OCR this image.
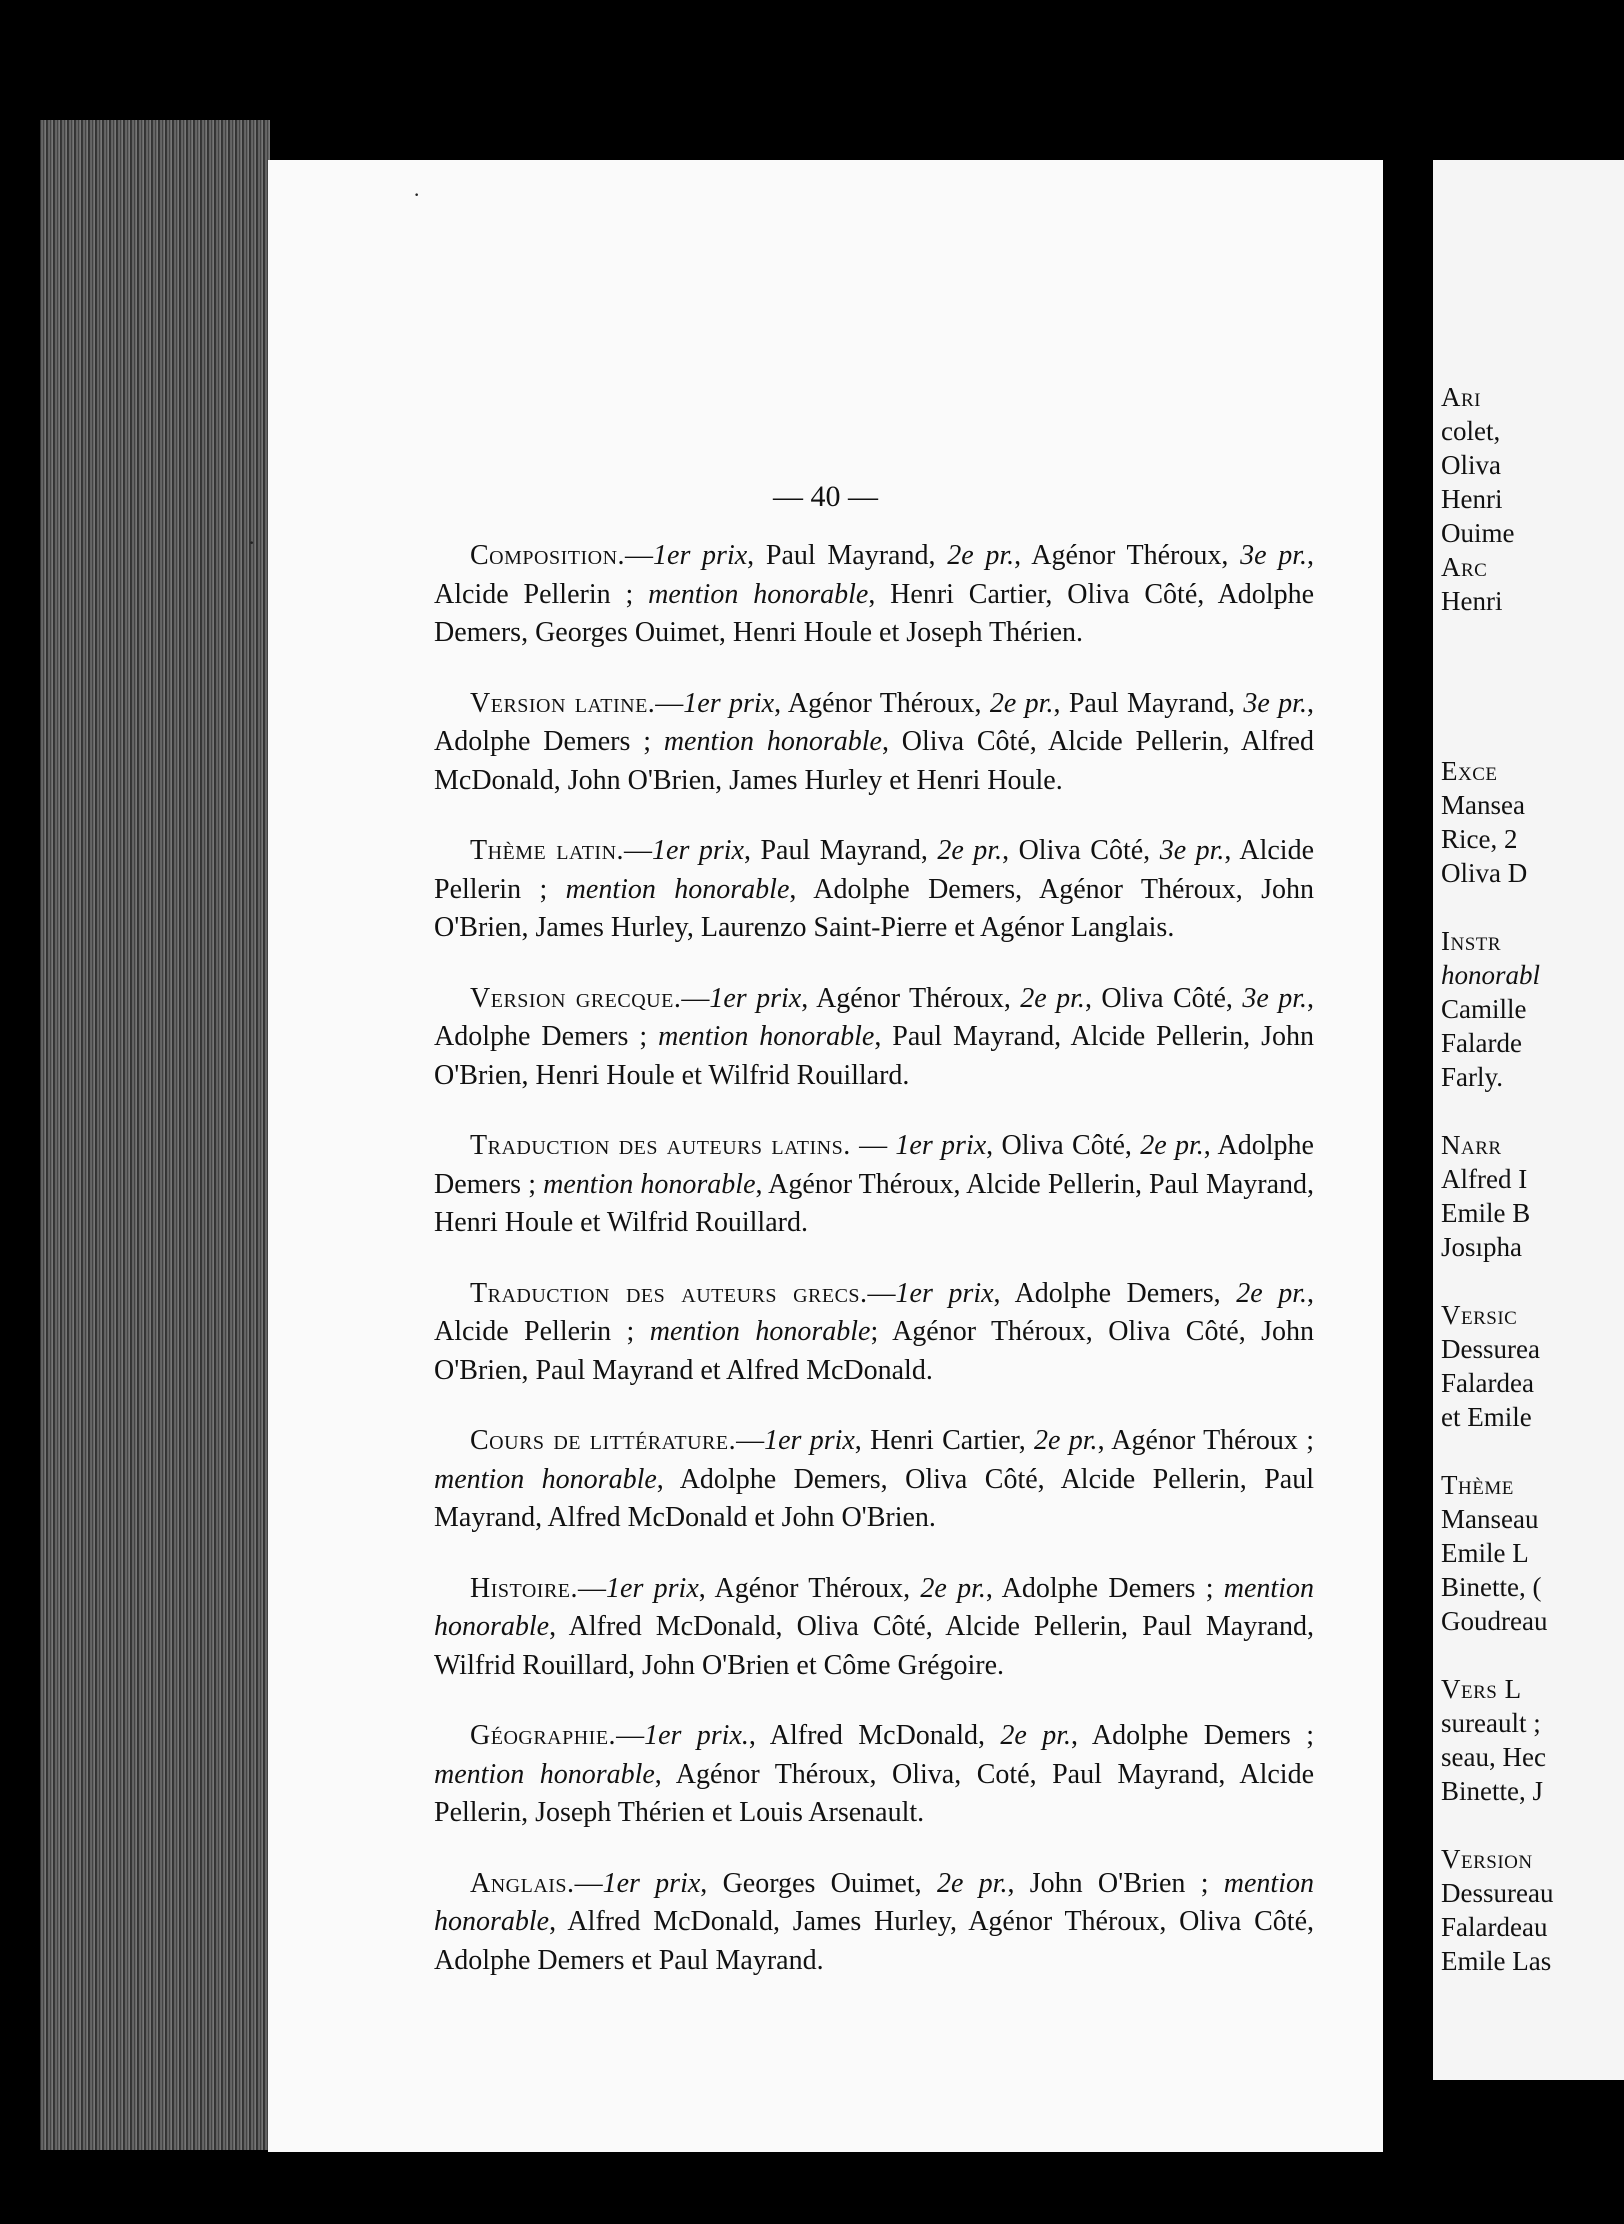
— 40 —

Composition.—1er prix, Paul Mayrand, 2e pr., Agénor Théroux, 3e pr., Alcide Pellerin ; mention honorable, Henri Cartier, Oliva Côté, Adolphe Demers, Georges Ouimet, Henri Houle et Joseph Thérien.

Version latine.—1er prix, Agénor Théroux, 2e pr., Paul Mayrand, 3e pr., Adolphe Demers ; mention honorable, Oliva Côté, Alcide Pellerin, Alfred McDonald, John O'Brien, James Hurley et Henri Houle.

Thème latin.—1er prix, Paul Mayrand, 2e pr., Oliva Côté, 3e pr., Alcide Pellerin ; mention honorable, Adolphe Demers, Agénor Théroux, John O'Brien, James Hurley, Laurenzo Saint-Pierre et Agénor Langlais.

Version grecque.—1er prix, Agénor Théroux, 2e pr., Oliva Côté, 3e pr., Adolphe Demers ; mention honorable, Paul Mayrand, Alcide Pellerin, John O'Brien, Henri Houle et Wilfrid Rouillard.

Traduction des auteurs latins. — 1er prix, Oliva Côté, 2e pr., Adolphe Demers ; mention honorable, Agénor Théroux, Alcide Pellerin, Paul Mayrand, Henri Houle et Wilfrid Rouillard.

Traduction des auteurs grecs.—1er prix, Adolphe Demers, 2e pr., Alcide Pellerin ; mention honorable; Agénor Théroux, Oliva Côté, John O'Brien, Paul Mayrand et Alfred McDonald.

Cours de littérature.—1er prix, Henri Cartier, 2e pr., Agénor Théroux ; mention honorable, Adolphe Demers, Oliva Côté, Alcide Pellerin, Paul Mayrand, Alfred McDonald et John O'Brien.

Histoire.—1er prix, Agénor Théroux, 2e pr., Adolphe Demers ; mention honorable, Alfred McDonald, Oliva Côté, Alcide Pellerin, Paul Mayrand, Wilfrid Rouillard, John O'Brien et Côme Grégoire.

Géographie.—1er prix., Alfred McDonald, 2e pr., Adolphe Demers ; mention honorable, Agénor Théroux, Oliva, Coté, Paul Mayrand, Alcide Pellerin, Joseph Thérien et Louis Arsenault.

Anglais.—1er prix, Georges Ouimet, 2e pr., John O'Brien ; mention honorable, Alfred McDonald, James Hurley, Agénor Théroux, Oliva Côté, Adolphe Demers et Paul Mayrand.

·
·
Ari
colet,
Oliva
Henri
Ouime
Arc
Henri

Exce
Mansea
Rice, 2
Oliva D

Instr
honorabl
Camille
Falarde
Farly.

Narr
Alfred I
Emile B
Josıpha

Versic
Dessurea
Falardea
et Emile

Thème
Manseau
Emile L
Binette, (
Goudreau

Vers L
sureault ;
seau, Hec
Binette, J

Version
Dessureau
Falardeau
Emile Las
